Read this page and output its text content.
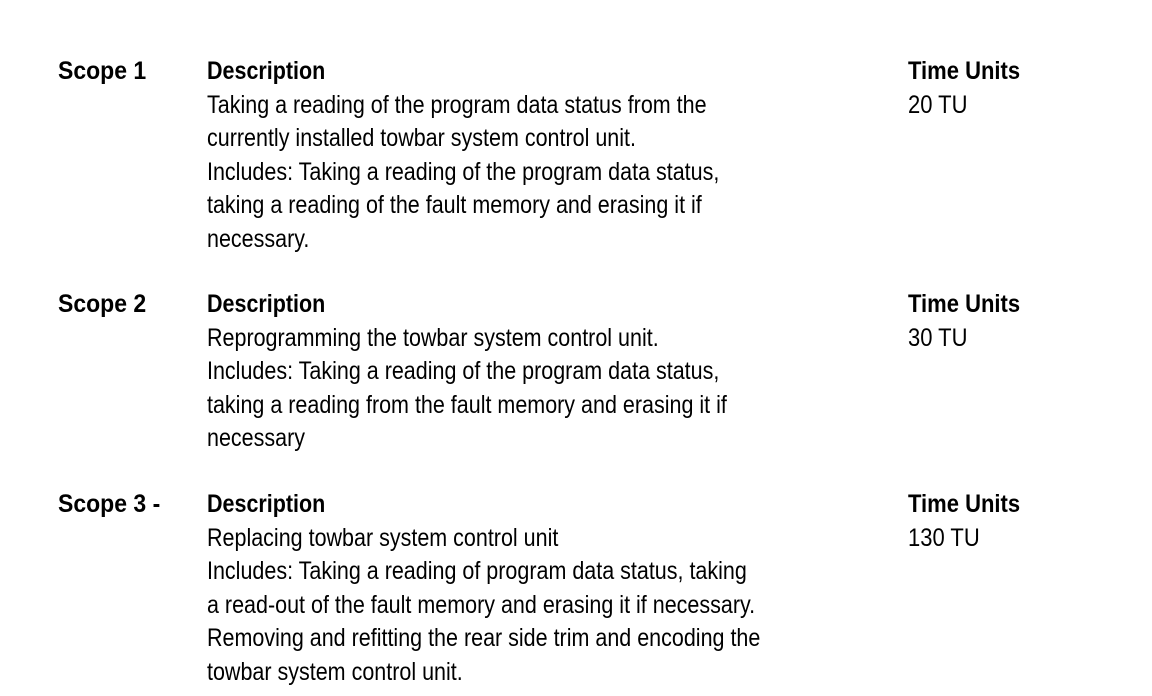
Scope 1 Description
Taking a reading of the program data status from the
currently installed towbar system control unit.
Includes: Taking a reading of the program data status,
taking a reading of the fault memory and erasing it if
necessary.
Time Units
20 TU
Scope 2 Description
Reprogramming the towbar system control unit.
Includes: Taking a reading of the program data status,
taking a reading from the fault memory and erasing it if
necessary
Time Units
30 TU
Scope 3 - Description
Replacing towbar system control unit
Includes: Taking a reading of program data status, taking
a read-out of the fault memory and erasing it if necessary.
Removing and refitting the rear side trim and encoding the
towbar system control unit.
Time Units
130 TU
